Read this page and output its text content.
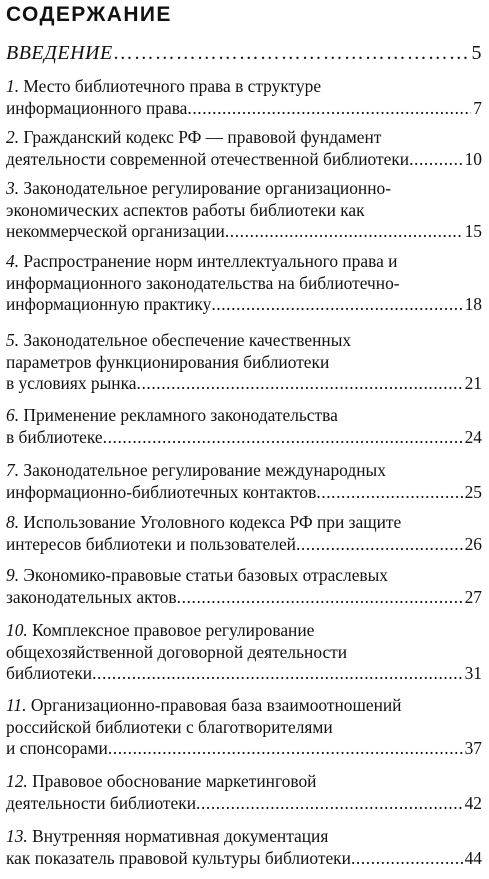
СОДЕРЖАНИЕ
ВВЕДЕНИЕ ……………………………………………………………………………………	5
1. Место библиотечного права в структуре
информационного права .....	7
2. Гражданский кодекс РФ — правовой фундамент
деятельности современной отечественной библиотеки .....	10
3. Законодательное регулирование организационно-
экономических аспектов работы библиотеки как
некоммерческой организации .....	15
4. Распространение норм интеллектуального права и
информационного законодательства на библиотечно-
информационную практику .....	18
5. Законодательное обеспечение качественных
параметров функционирования библиотеки
в условиях рынка .....	21
6. Применение рекламного законодательства
в библиотеке .....	24
7. Законодательное регулирование международных
информационно-библиотечных контактов .....	25
8. Использование Уголовного кодекса РФ при защите
интересов библиотеки и пользователей .....	26
9. Экономико-правовые статьи базовых отраслевых
законодательных актов .....	27
10. Комплексное правовое регулирование
общехозяйственной договорной деятельности
библиотеки .....	31
11. Организационно-правовая база взаимоотношений
российской библиотеки с благотворителями
и спонсорами .....	37
12. Правовое обоснование маркетинговой
деятельности библиотеки .....	42
13. Внутренняя нормативная документация
как показатель правовой культуры библиотеки .....	44
